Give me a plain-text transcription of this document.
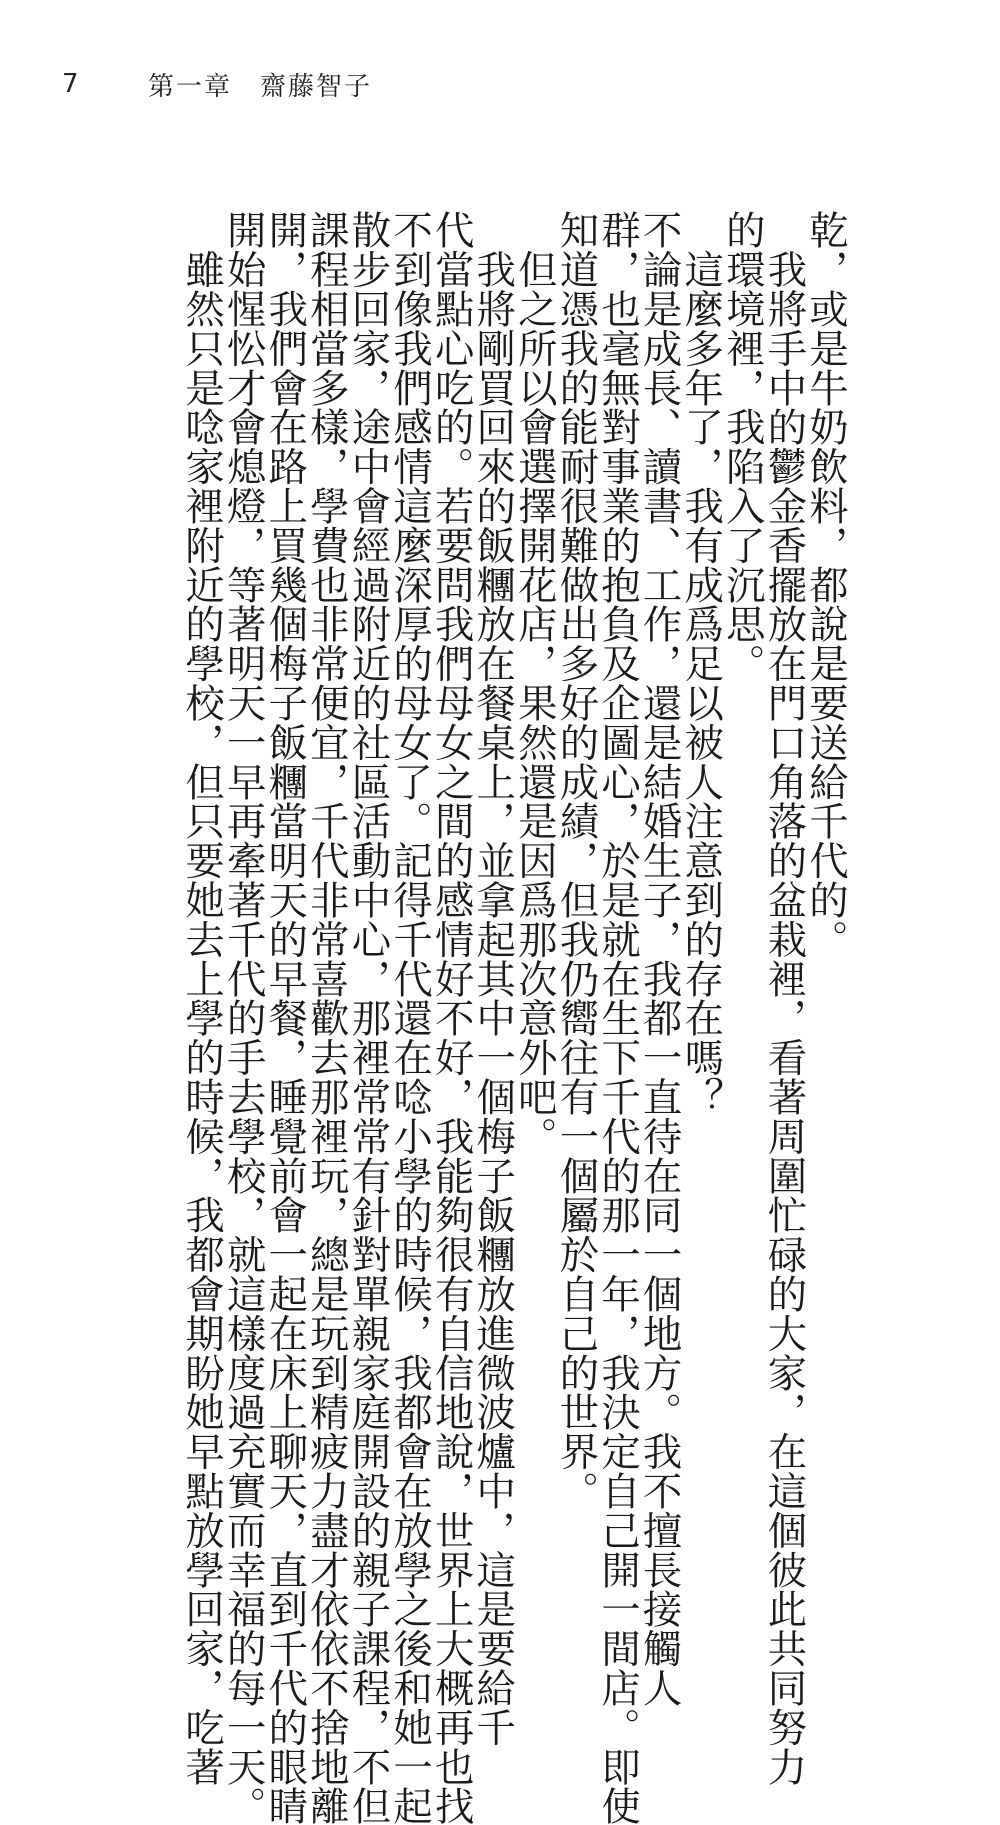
7	第一章　齋藤智子

乾，或是牛奶飲料，都說是要送給千代的。

　我將手中的鬱金香擺放在門口角落的盆栽裡，看著周圍忙碌的大家，在這個彼此共同努力
的環境裡，我陷入了沉思。

　這麼多年了，我有成爲足以被人注意到的存在嗎？

不論是成長、讀書、工作，還是結婚生子，我都一直待在同一個地方。我不擅長接觸人
群，也毫無對事業的抱負及企圖心，於是就在生下千代的那一年，我決定自己開一間店。即使
知道憑我的能耐很難做出多好的成績，但我仍嚮往有一個屬於自己的世界。

　但之所以會選擇開花店，果然還是因爲那次意外吧。

　我將剛買回來的飯糰放在餐桌上，並拿起其中一個梅子飯糰放進微波爐中，這是要給千
代當點心吃的。若要問我們母女之間的感情好不好，我能夠很有自信地說，世界上大概再也找
不到像我們感情這麼深厚的母女了。記得千代還在唸小學的時候，我都會在放學之後和她一起
散步回家，途中會經過附近的社區活動中心，那裡常常有針對單親家庭開設的親子課程，不但
課程相當多樣，學費也非常便宜，千代非常喜歡去那裡玩，總是玩到精疲力盡才依依不捨地離
開，我們會在路上買幾個梅子飯糰當明天的早餐，睡覺前會一起在床上聊天，直到千代的眼睛
開始惺忪才會熄燈，等著明天一早再牽著千代的手去學校，就這樣度過充實而幸福的每一天。

　雖然只是唸家裡附近的學校，但只要她去上學的時候，我都會期盼她早點放學回家，吃著
